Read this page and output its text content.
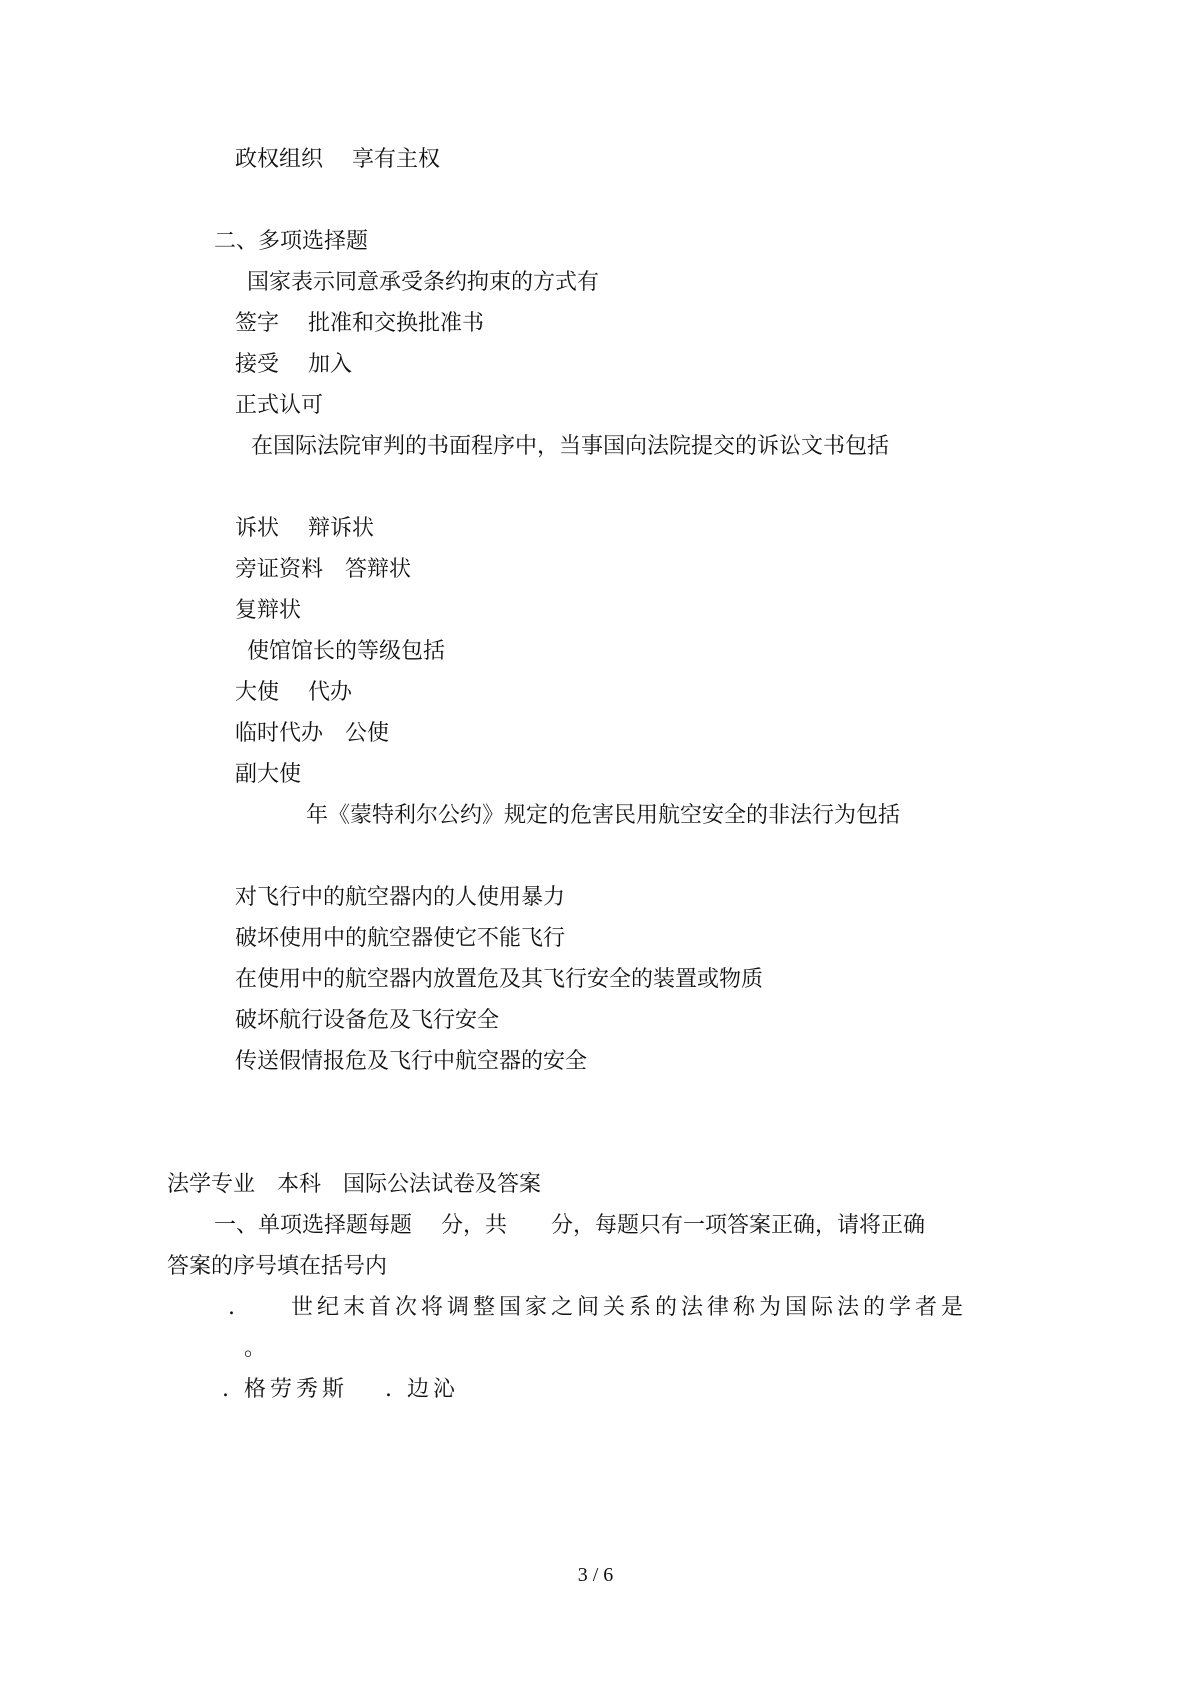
政权组织　 享有主权

二、多项选择题

国家表示同意承受条约拘束的方式有

签字　 批准和交换批准书

接受　 加入

正式认可

在国际法院审判的书面程序中，当事国向法院提交的诉讼文书包括

诉状　 辩诉状

旁证资料　答辩状

复辩状

使馆馆长的等级包括

大使　 代办

临时代办　公使

副大使

年《蒙特利尔公约》规定的危害民用航空安全的非法行为包括

对飞行中的航空器内的人使用暴力

破坏使用中的航空器使它不能飞行

在使用中的航空器内放置危及其飞行安全的装置或物质

破坏航行设备危及飞行安全

传送假情报危及飞行中航空器的安全

法学专业　本科　国际公法试卷及答案

一、单项选择题每题　 分，共　　分，每题只有一项答案正确，请将正确

答案的序号填在括号内

.　　世纪末首次将调整国家之间关系的法律称为国际法的学者是

。

. 格劳秀斯　 . 边沁

3 / 6
